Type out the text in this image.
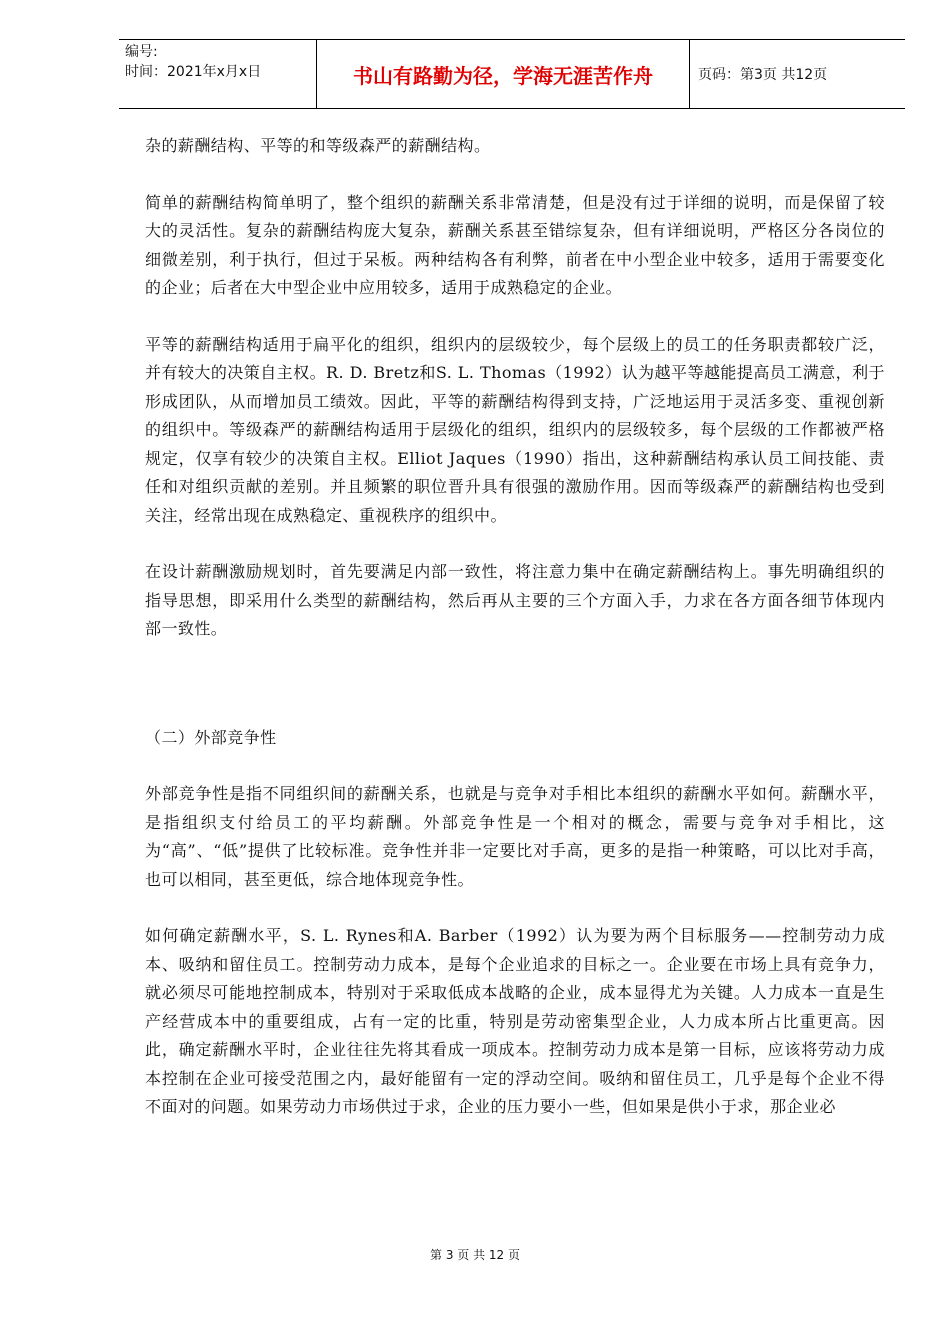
编号:
时间：2021年x月x日	书山有路勤为径，学海无涯苦作舟	页码：第3页 共12页

杂的薪酬结构、平等的和等级森严的薪酬结构。

简单的薪酬结构简单明了，整个组织的薪酬关系非常清楚，但是没有过于详细的说明，而是保留了较大的灵活性。复杂的薪酬结构庞大复杂，薪酬关系甚至错综复杂，但有详细说明，严格区分各岗位的细微差别，利于执行，但过于呆板。两种结构各有利弊，前者在中小型企业中较多，适用于需要变化的企业；后者在大中型企业中应用较多，适用于成熟稳定的企业。

平等的薪酬结构适用于扁平化的组织，组织内的层级较少，每个层级上的员工的任务职责都较广泛，并有较大的决策自主权。R. D. Bretz和S. L. Thomas（1992）认为越平等越能提高员工满意，利于形成团队，从而增加员工绩效。因此，平等的薪酬结构得到支持，广泛地运用于灵活多变、重视创新的组织中。等级森严的薪酬结构适用于层级化的组织，组织内的层级较多，每个层级的工作都被严格规定，仅享有较少的决策自主权。Elliot Jaques（1990）指出，这种薪酬结构承认员工间技能、责任和对组织贡献的差别。并且频繁的职位晋升具有很强的激励作用。因而等级森严的薪酬结构也受到关注，经常出现在成熟稳定、重视秩序的组织中。

在设计薪酬激励规划时，首先要满足内部一致性，将注意力集中在确定薪酬结构上。事先明确组织的指导思想，即采用什么类型的薪酬结构，然后再从主要的三个方面入手，力求在各方面各细节体现内部一致性。

（二）外部竞争性

外部竞争性是指不同组织间的薪酬关系，也就是与竞争对手相比本组织的薪酬水平如何。薪酬水平，是指组织支付给员工的平均薪酬。外部竞争性是一个相对的概念，需要与竞争对手相比，这为“高”、“低”提供了比较标准。竞争性并非一定要比对手高，更多的是指一种策略，可以比对手高，也可以相同，甚至更低，综合地体现竞争性。

如何确定薪酬水平，S. L. Rynes和A. Barber（1992）认为要为两个目标服务——控制劳动力成本、吸纳和留住员工。控制劳动力成本，是每个企业追求的目标之一。企业要在市场上具有竞争力，就必须尽可能地控制成本，特别对于采取低成本战略的企业，成本显得尤为关键。人力成本一直是生产经营成本中的重要组成，占有一定的比重，特别是劳动密集型企业，人力成本所占比重更高。因此，确定薪酬水平时，企业往往先将其看成一项成本。控制劳动力成本是第一目标，应该将劳动力成本控制在企业可接受范围之内，最好能留有一定的浮动空间。吸纳和留住员工，几乎是每个企业不得不面对的问题。如果劳动力市场供过于求，企业的压力要小一些，但如果是供小于求，那企业必

第 3 页 共 12 页
